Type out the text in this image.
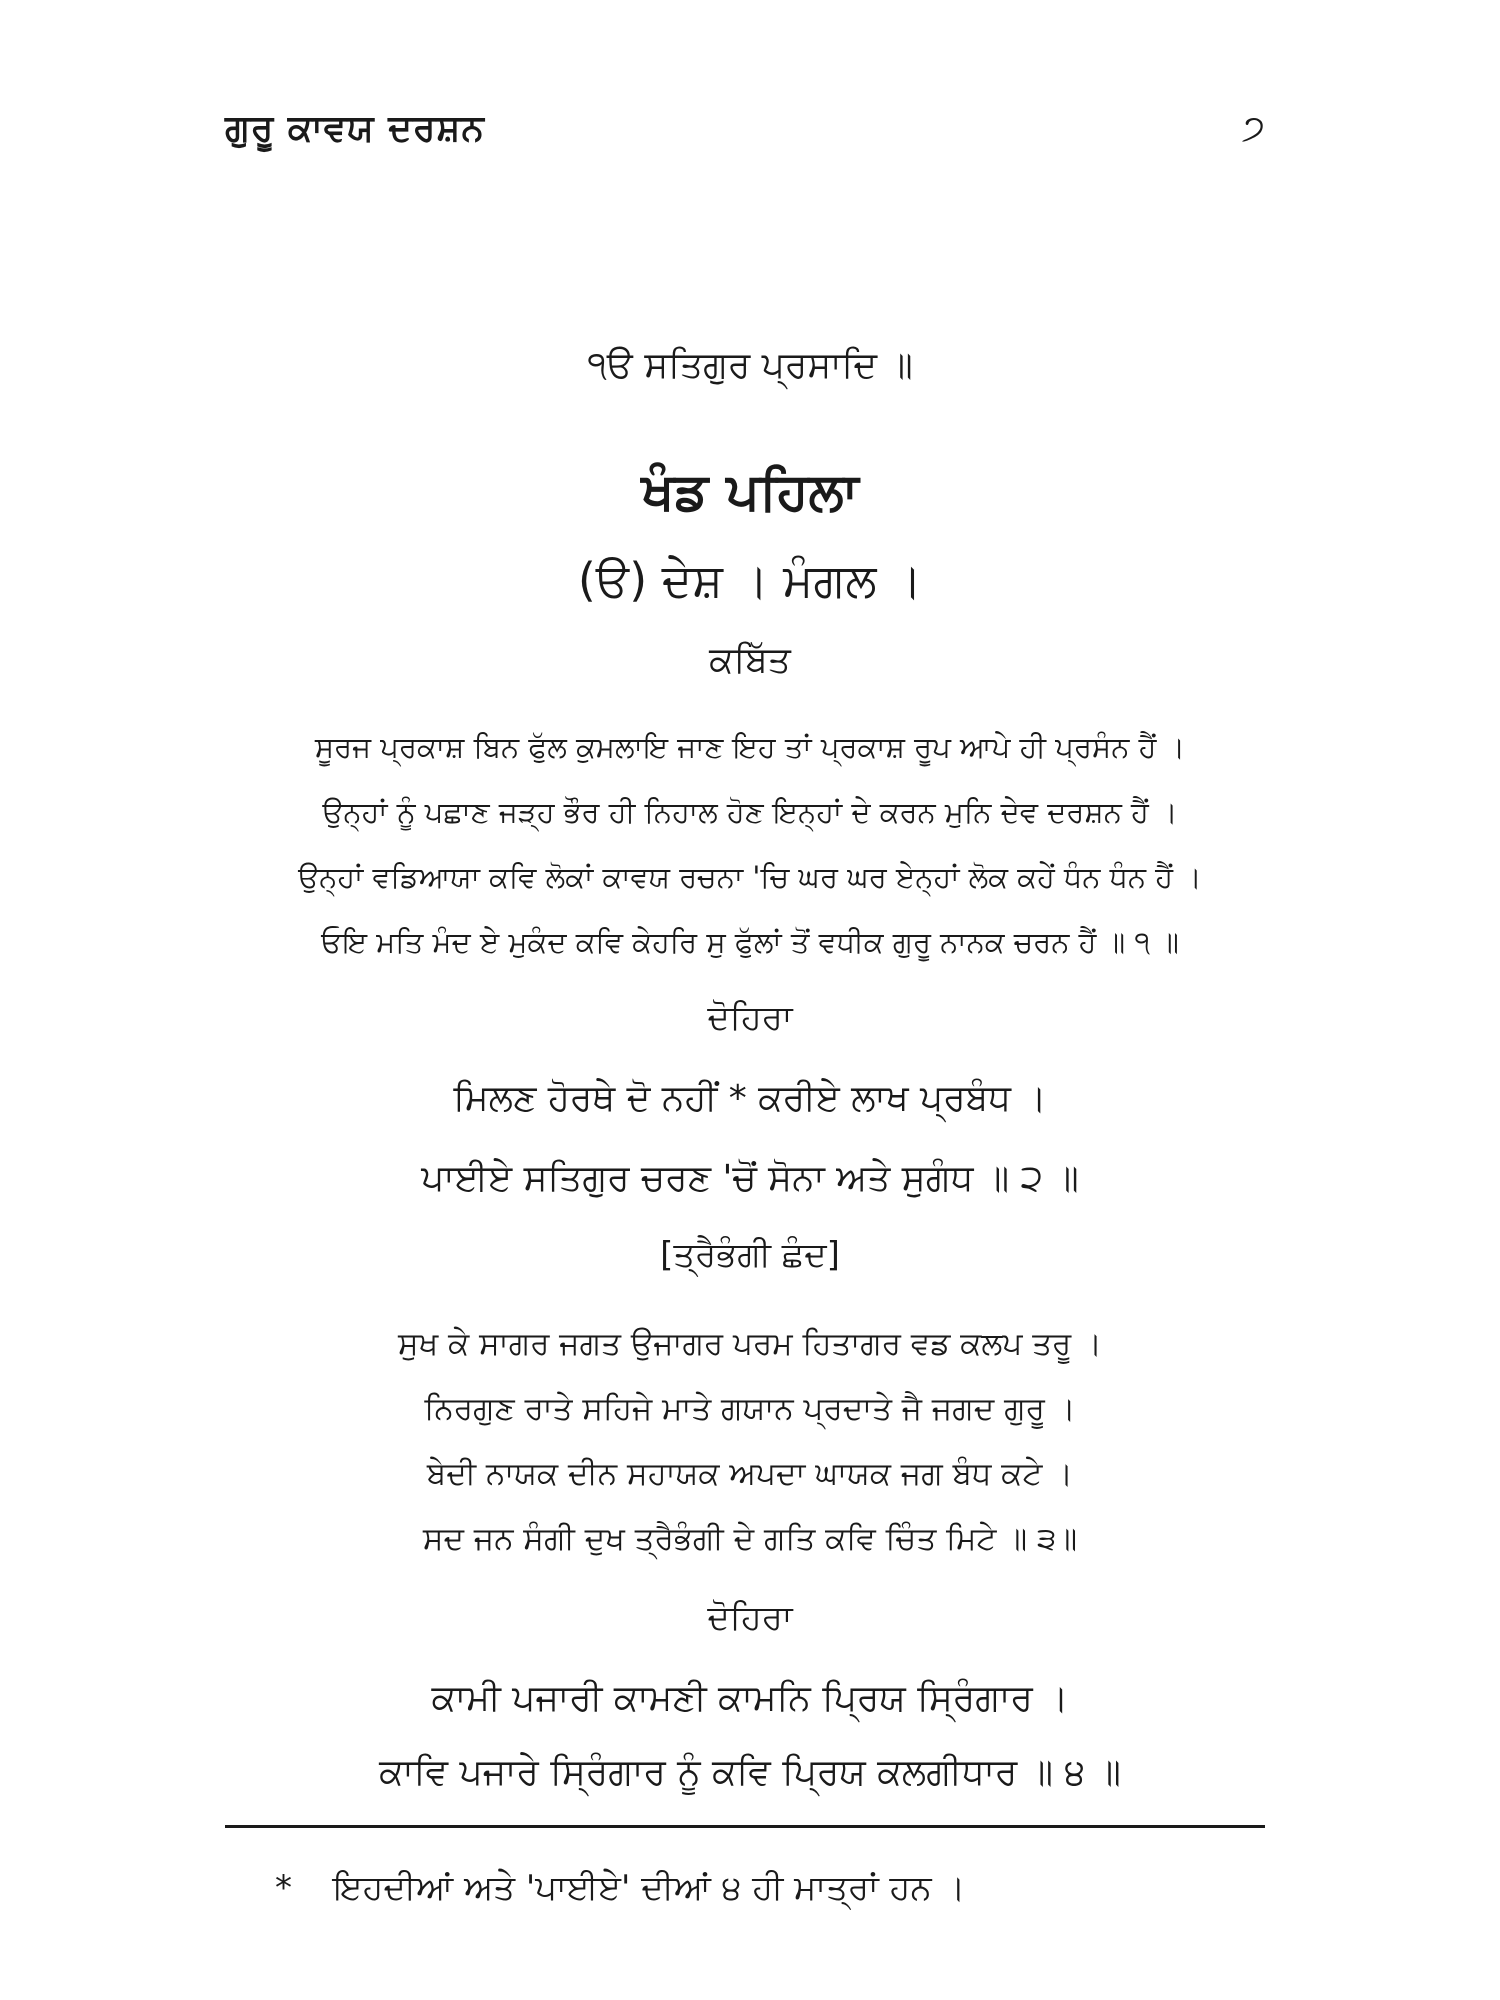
ਗੁਰੂ ਕਾਵਯ ਦਰਸ਼ਨ	੭
੧ੳ ਸਤਿਗੁਰ ਪ੍ਰਸਾਦਿ ॥
ਖੰਡ ਪਹਿਲਾ
(ੳ) ਦੇਸ਼ । ਮੰਗਲ ।
ਕਬਿੱਤ
ਸੂਰਜ ਪ੍ਰਕਾਸ਼ ਬਿਨ ਫੁੱਲ ਕੁਮਲਾਇ ਜਾਣ ਇਹ ਤਾਂ ਪ੍ਰਕਾਸ਼ ਰੂਪ ਆਪੇ ਹੀ ਪ੍ਰਸੰਨ ਹੈਂ ।
ਉਨ੍ਹਾਂ ਨੂੰ ਪਛਾਣ ਜੜ੍ਹ ਭੌਰ ਹੀ ਨਿਹਾਲ ਹੋਣ ਇਨ੍ਹਾਂ ਦੇ ਕਰਨ ਮੁਨਿ ਦੇਵ ਦਰਸ਼ਨ ਹੈਂ ।
ਉਨ੍ਹਾਂ ਵਡਿਆਯਾ ਕਵਿ ਲੋਕਾਂ ਕਾਵਯ ਰਚਨਾ 'ਚਿ ਘਰ ਘਰ ਏਨ੍ਹਾਂ ਲੋਕ ਕਹੇਂ ਧੰਨ ਧੰਨ ਹੈਂ ।
ਓਇ ਮਤਿ ਮੰਦ ਏ ਮੁਕੰਦ ਕਵਿ ਕੇਹਰਿ ਸੁ ਫੁੱਲਾਂ ਤੋਂ ਵਧੀਕ ਗੁਰੂ ਨਾਨਕ ਚਰਨ ਹੈਂ ॥ ੧ ॥
ਦੋਹਿਰਾ
ਮਿਲਣ ਹੋਰਥੇ ਦੋ ਨਹੀਂ * ਕਰੀਏ ਲਾਖ ਪ੍ਰਬੰਧ ।
ਪਾਈਏ ਸਤਿਗੁਰ ਚਰਣ 'ਚੋਂ ਸੋਨਾ ਅਤੇ ਸੁਗੰਧ ॥ ੨ ॥
[ਤ੍ਰੈਭੰਗੀ ਛੰਦ]
ਸੁਖ ਕੇ ਸਾਗਰ ਜਗਤ ਉਜਾਗਰ ਪਰਮ ਹਿਤਾਗਰ ਵਡ ਕਲਪ ਤਰੂ ।
ਨਿਰਗੁਣ ਰਾਤੇ ਸਹਿਜੇ ਮਾਤੇ ਗਯਾਨ ਪ੍ਰਦਾਤੇ ਜੈ ਜਗਦ ਗੁਰੂ ।
ਬੇਦੀ ਨਾਯਕ ਦੀਨ ਸਹਾਯਕ ਅਪਦਾ ਘਾਯਕ ਜਗ ਬੰਧ ਕਟੇ ।
ਸਦ ਜਨ ਸੰਗੀ ਦੁਖ ਤ੍ਰੈਭੰਗੀ ਦੇ ਗਤਿ ਕਵਿ ਚਿੰਤ ਮਿਟੇ ॥ ੩॥
ਦੋਹਿਰਾ
ਕਾਮੀ ਪਜਾਰੀ ਕਾਮਣੀ ਕਾਮਨਿ ਪ੍ਰਿਯ ਸ੍ਰਿੰਗਾਰ ।
ਕਾਵਿ ਪਜਾਰੇ ਸ੍ਰਿੰਗਾਰ ਨੂੰ ਕਵਿ ਪ੍ਰਿਯ ਕਲਗੀਧਾਰ ॥ ੪ ॥
* ਇਹਦੀਆਂ ਅਤੇ 'ਪਾਈਏ' ਦੀਆਂ ੪ ਹੀ ਮਾਤ੍ਰਾਂ ਹਨ ।
